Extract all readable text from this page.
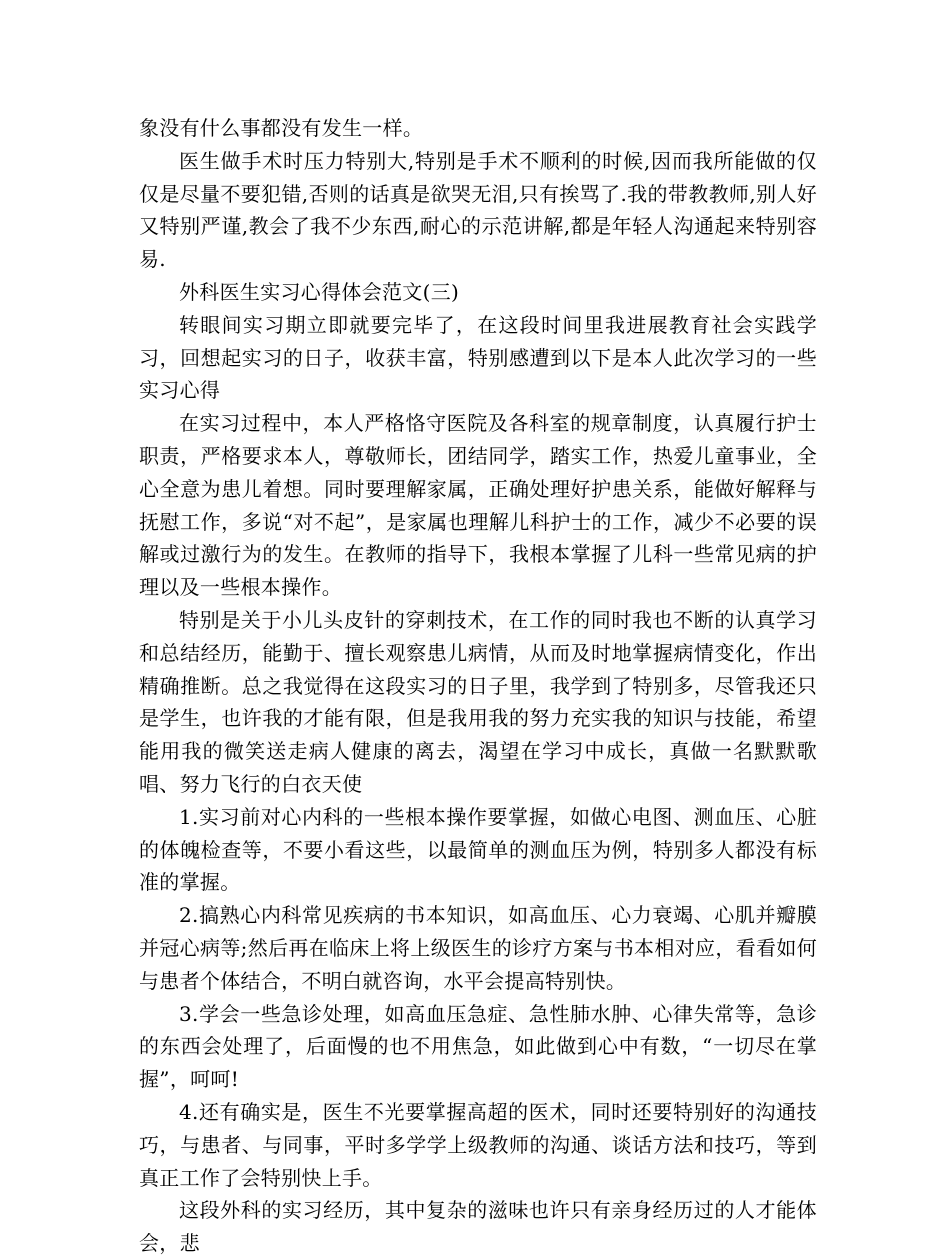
象没有什么事都没有发生一样。

医生做手术时压力特别大,特别是手术不顺利的时候,因而我所能做的仅仅是尽量不要犯错,否则的话真是欲哭无泪,只有挨骂了.我的带教教师,别人好又特别严谨,教会了我不少东西,耐心的示范讲解,都是年轻人沟通起来特别容易.

外科医生实习心得体会范文(三)

转眼间实习期立即就要完毕了，在这段时间里我进展教育社会实践学习，回想起实习的日子，收获丰富，特别感遭到以下是本人此次学习的一些实习心得

在实习过程中，本人严格恪守医院及各科室的规章制度，认真履行护士职责，严格要求本人，尊敬师长，团结同学，踏实工作，热爱儿童事业，全心全意为患儿着想。同时要理解家属，正确处理好护患关系，能做好解释与抚慰工作，多说“对不起”，是家属也理解儿科护士的工作，减少不必要的误解或过激行为的发生。在教师的指导下，我根本掌握了儿科一些常见病的护理以及一些根本操作。

特别是关于小儿头皮针的穿刺技术，在工作的同时我也不断的认真学习和总结经历，能勤于、擅长观察患儿病情，从而及时地掌握病情变化，作出精确推断。总之我觉得在这段实习的日子里，我学到了特别多，尽管我还只是学生，也许我的才能有限，但是我用我的努力充实我的知识与技能，希望能用我的微笑送走病人健康的离去，渴望在学习中成长，真做一名默默歌唱、努力飞行的白衣天使

1.实习前对心内科的一些根本操作要掌握，如做心电图、测血压、心脏的体魄检查等，不要小看这些，以最简单的测血压为例，特别多人都没有标准的掌握。

2.搞熟心内科常见疾病的书本知识，如高血压、心力衰竭、心肌并瓣膜并冠心病等;然后再在临床上将上级医生的诊疗方案与书本相对应，看看如何与患者个体结合，不明白就咨询，水平会提高特别快。

3.学会一些急诊处理，如高血压急症、急性肺水肿、心律失常等，急诊的东西会处理了，后面慢的也不用焦急，如此做到心中有数，“一切尽在掌握”，呵呵!

4.还有确实是，医生不光要掌握高超的医术，同时还要特别好的沟通技巧，与患者、与同事，平时多学学上级教师的沟通、谈话方法和技巧，等到真正工作了会特别快上手。

这段外科的实习经历，其中复杂的滋味也许只有亲身经历过的人才能体会，悲
